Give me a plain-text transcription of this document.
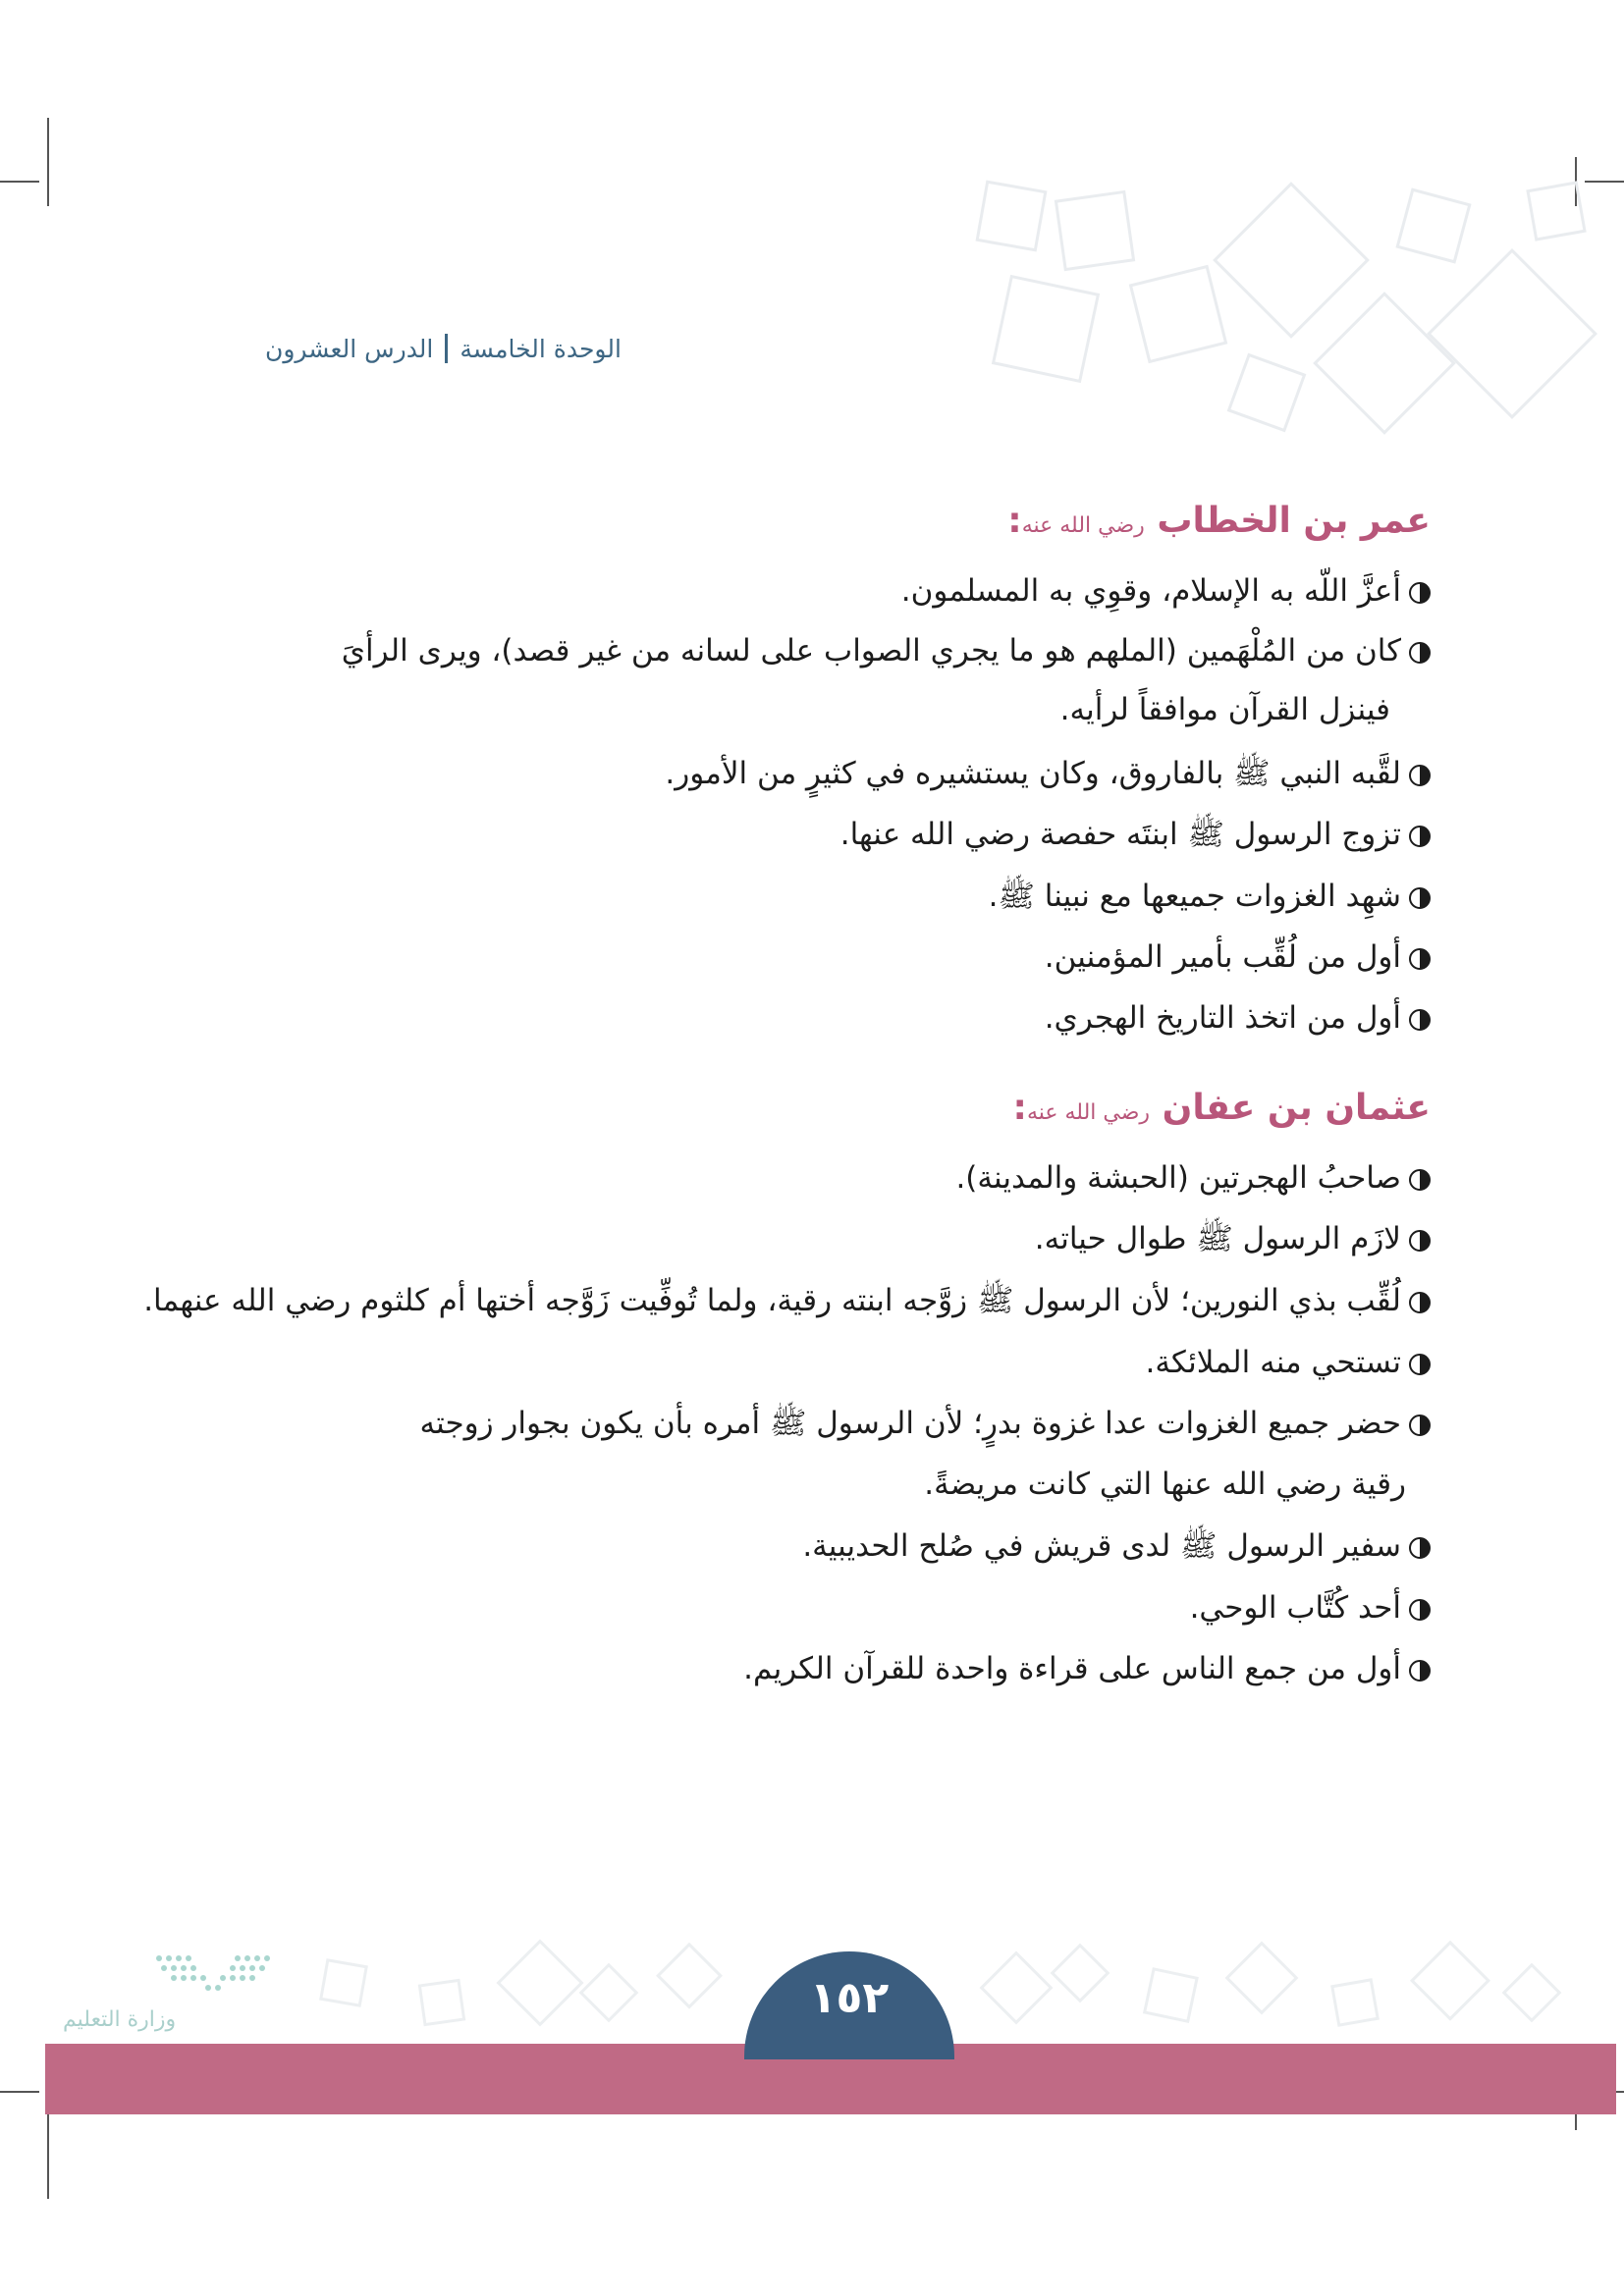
الوحدة الخامسةالدرس العشرون
عمر بن الخطاب رضي الله عنه:
أعزَّ اللّه به الإسلام، وقوِي به المسلمون.
كان من المُلْهَمين (الملهم هو ما يجري الصواب على لسانه من غير قصد)، ويرى الرأيَ
فينزل القرآن موافقاً لرأيه.
لقَّبه النبي ﷺ بالفاروق، وكان يستشيره في كثيرٍ من الأمور.
تزوج الرسول ﷺ ابنتَه حفصة رضي الله عنها.
شهِد الغزوات جميعها مع نبينا ﷺ.
أول من لُقِّب بأمير المؤمنين.
أول من اتخذ التاريخ الهجري.
عثمان بن عفان رضي الله عنه:
صاحبُ الهجرتين (الحبشة والمدينة).
لازَم الرسول ﷺ طوال حياته.
لُقِّب بذي النورين؛ لأن الرسول ﷺ زوَّجه ابنته رقية، ولما تُوفِّيت زَوَّجه أختها أم كلثوم رضي الله عنهما.
تستحي منه الملائكة.
حضر جميع الغزوات عدا غزوة بدرٍ؛ لأن الرسول ﷺ أمره بأن يكون بجوار زوجته
رقية رضي الله عنها التي كانت مريضةً.
سفير الرسول ﷺ لدى قريش في صُلح الحديبية.
أحد كُتَّاب الوحي.
أول من جمع الناس على قراءة واحدة للقرآن الكريم.
١٥٢
وزارة التعليم
